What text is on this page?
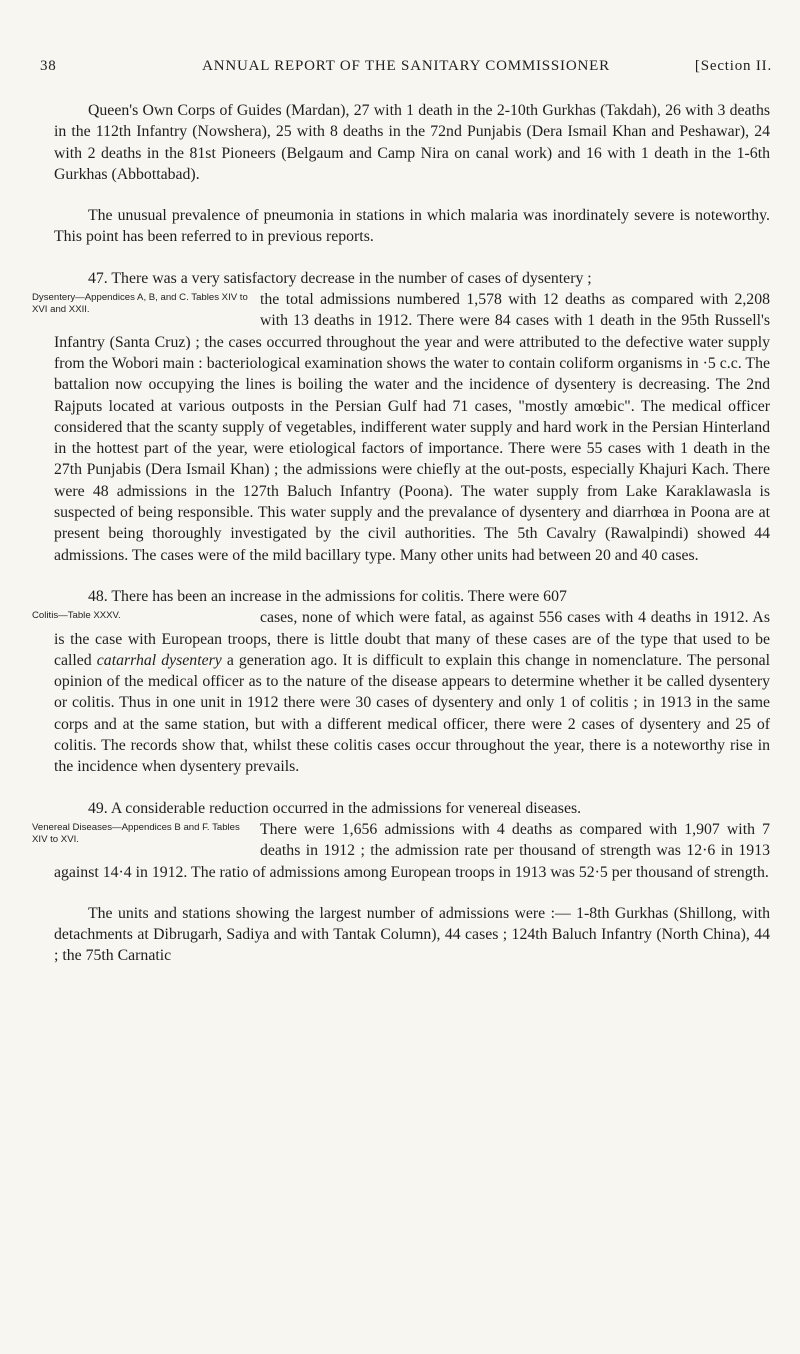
38	ANNUAL REPORT OF THE SANITARY COMMISSIONER	[Section II.

Queen's Own Corps of Guides (Mardan), 27 with 1 death in the 2-10th Gurkhas (Takdah), 26 with 3 deaths in the 112th Infantry (Nowshera), 25 with 8 deaths in the 72nd Punjabis (Dera Ismail Khan and Peshawar), 24 with 2 deaths in the 81st Pioneers (Belgaum and Camp Nira on canal work) and 16 with 1 death in the 1-6th Gurkhas (Abbottabad).

The unusual prevalence of pneumonia in stations in which malaria was inordinately severe is noteworthy. This point has been referred to in previous reports.

47. There was a very satisfactory decrease in the number of cases of dysentery ;

Dysentery—Appendices A, B, and C. Tables XIV to XVI and XXII.
the total admissions numbered 1,578 with 12 deaths as compared with 2,208 with 13 deaths in 1912. There were 84 cases with 1 death in the 95th Russell's Infantry (Santa Cruz) ; the cases occurred throughout the year and were attributed to the defective water supply from the Wobori main : bacteriological examination shows the water to contain coliform organisms in ·5 c.c. The battalion now occupying the lines is boiling the water and the incidence of dysentery is decreasing. The 2nd Rajputs located at various outposts in the Persian Gulf had 71 cases, "mostly amœbic". The medical officer considered that the scanty supply of vegetables, indifferent water supply and hard work in the Persian Hinterland in the hottest part of the year, were etiological factors of importance. There were 55 cases with 1 death in the 27th Punjabis (Dera Ismail Khan) ; the admissions were chiefly at the out-posts, especially Khajuri Kach. There were 48 admissions in the 127th Baluch Infantry (Poona). The water supply from Lake Karaklawasla is suspected of being responsible. This water supply and the prevalance of dysentery and diarrhœa in Poona are at present being thoroughly investigated by the civil authorities. The 5th Cavalry (Rawalpindi) showed 44 admissions. The cases were of the mild bacillary type. Many other units had between 20 and 40 cases.

48. There has been an increase in the admissions for colitis. There were 607

Colitis—Table XXXV.	cases, none of which were fatal, as against 556 cases with 4 deaths in 1912. As is the case with European troops, there is little doubt that many of these cases are of the type that used to be called catarrhal dysentery a generation ago. It is difficult to explain this change in nomenclature. The personal opinion of the medical officer as to the nature of the disease appears to determine whether it be called dysentery or colitis. Thus in one unit in 1912 there were 30 cases of dysentery and only 1 of colitis ; in 1913 in the same corps and at the same station, but with a different medical officer, there were 2 cases of dysentery and 25 of colitis. The records show that, whilst these colitis cases occur throughout the year, there is a noteworthy rise in the incidence when dysentery prevails.

49. A considerable reduction occurred in the admissions for venereal diseases.

Venereal Diseases—Appendices B and F. Tables XIV to XVI.
There were 1,656 admissions with 4 deaths as compared with 1,907 with 7 deaths in 1912 ; the admission rate per thousand of strength was 12·6 in 1913 against 14·4 in 1912. The ratio of admissions among European troops in 1913 was 52·5 per thousand of strength.

The units and stations showing the largest number of admissions were :— 1-8th Gurkhas (Shillong, with detachments at Dibrugarh, Sadiya and with Tantak Column), 44 cases ; 124th Baluch Infantry (North China), 44 ; the 75th Carnatic
